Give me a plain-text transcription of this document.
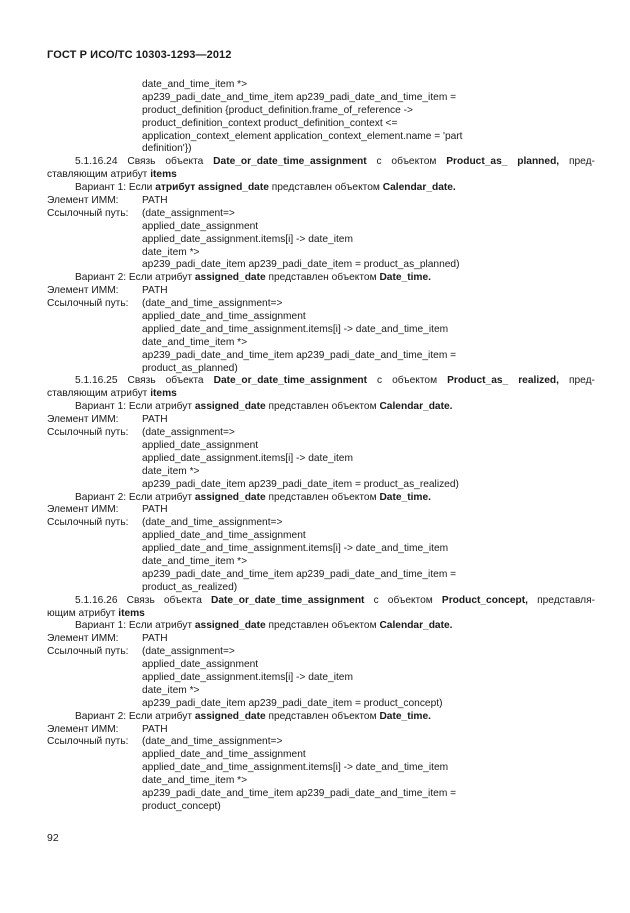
ГОСТ Р ИСО/ТС 10303-1293—2012
date_and_time_item *>
ap239_padi_date_and_time_item ap239_padi_date_and_time_item =
product_definition {product_definition.frame_of_reference ->
product_definition_context product_definition_context <=
application_context_element application_context_element.name = 'part
definition'})
5.1.16.24 Связь объекта Date_or_date_time_assignment с объектом Product_as_ planned, пред-
ставляющим атрибут items
Вариант 1: Если атрибут assigned_date представлен объектом Calendar_date.
Элемент ИММ: PATH
Ссылочный путь: (date_assignment=>
applied_date_assignment
applied_date_assignment.items[i] -> date_item
date_item *>
ap239_padi_date_item ap239_padi_date_item = product_as_planned)
Вариант 2: Если атрибут assigned_date представлен объектом Date_time.
Элемент ИММ: PATH
Ссылочный путь: (date_and_time_assignment=>
applied_date_and_time_assignment
applied_date_and_time_assignment.items[i] -> date_and_time_item
date_and_time_item *>
ap239_padi_date_and_time_item ap239_padi_date_and_time_item =
product_as_planned)
5.1.16.25 Связь объекта Date_or_date_time_assignment с объектом Product_as_ realized, пред-
ставляющим атрибут items
Вариант 1: Если атрибут assigned_date представлен объектом Calendar_date.
Элемент ИММ: PATH
Ссылочный путь: (date_assignment=>
applied_date_assignment
applied_date_assignment.items[i] -> date_item
date_item *>
ap239_padi_date_item ap239_padi_date_item = product_as_realized)
Вариант 2: Если атрибут assigned_date представлен объектом Date_time.
Элемент ИММ: PATH
Ссылочный путь: (date_and_time_assignment=>
applied_date_and_time_assignment
applied_date_and_time_assignment.items[i] -> date_and_time_item
date_and_time_item *>
ap239_padi_date_and_time_item ap239_padi_date_and_time_item =
product_as_realized)
5.1.16.26 Связь объекта Date_or_date_time_assignment с объектом Product_concept, представля-
ющим атрибут items
Вариант 1: Если атрибут assigned_date представлен объектом Calendar_date.
Элемент ИММ: PATH
Ссылочный путь: (date_assignment=>
applied_date_assignment
applied_date_assignment.items[i] -> date_item
date_item *>
ap239_padi_date_item ap239_padi_date_item = product_concept)
Вариант 2: Если атрибут assigned_date представлен объектом Date_time.
Элемент ИММ: PATH
Ссылочный путь: (date_and_time_assignment=>
applied_date_and_time_assignment
applied_date_and_time_assignment.items[i] -> date_and_time_item
date_and_time_item *>
ap239_padi_date_and_time_item ap239_padi_date_and_time_item =
product_concept)
92
